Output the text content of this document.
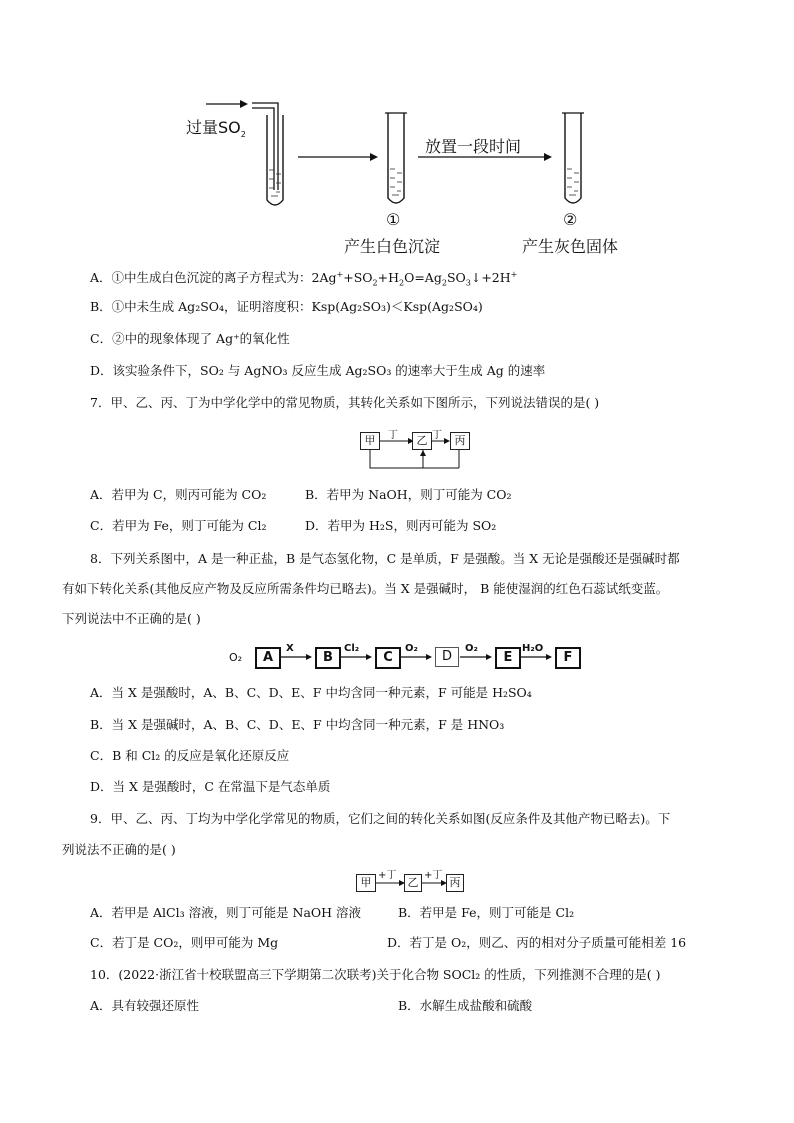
过量$SO_2$
放置一段时间
①	②
产生白色沉淀	产生灰色固体
A．①中生成白色沉淀的离子方程式为：$2Ag^++SO_2+H_2O=Ag_2SO_3↓+2H^+$
B．①中未生成 Ag₂SO₄，证明溶度积：Ksp(Ag₂SO₃)＜Ksp(Ag₂SO₄)
C．②中的现象体现了 Ag⁺的氧化性
D．该实验条件下，SO₂ 与 AgNO₃ 反应生成 Ag₂SO₃ 的速率大于生成 Ag 的速率
7．甲、乙、丙、丁为中学化学中的常见物质，其转化关系如下图所示，下列说法错误的是( )
甲	乙	丙
丁	丁
A．若甲为 C，则丙可能为 CO₂	B．若甲为 NaOH，则丁可能为 CO₂
C．若甲为 Fe，则丁可能为 Cl₂	D．若甲为 H₂S，则丙可能为 SO₂
8．下列关系图中，A 是一种正盐，B 是气态氢化物，C 是单质，F 是强酸。当 X 无论是强酸还是强碱时都
有如下转化关系(其他反应产物及反应所需条件均已略去)。当 X 是强碱时， B 能使湿润的红色石蕊试纸变蓝。
下列说法中不正确的是( )
O₂	A	B	C	D	E	F
X	Cl₂	O₂	O₂	H₂O
A．当 X 是强酸时，A、B、C、D、E、F 中均含同一种元素，F 可能是 H₂SO₄
B．当 X 是强碱时，A、B、C、D、E、F 中均含同一种元素，F 是 HNO₃
C．B 和 Cl₂ 的反应是氧化还原反应
D．当 X 是强酸时，C 在常温下是气态单质
9．甲、乙、丙、丁均为中学化学常见的物质，它们之间的转化关系如图(反应条件及其他产物已略去)。下
列说法不正确的是( )
甲	乙	丙
+丁	+丁
A．若甲是 AlCl₃ 溶液，则丁可能是 NaOH 溶液	B．若甲是 Fe，则丁可能是 Cl₂
C．若丁是 CO₂，则甲可能为 Mg	D．若丁是 O₂，则乙、丙的相对分子质量可能相差 16
10．(2022·浙江省十校联盟高三下学期第二次联考)关于化合物 SOCl₂ 的性质，下列推测不合理的是( )
A．具有较强还原性	B．水解生成盐酸和硫酸
